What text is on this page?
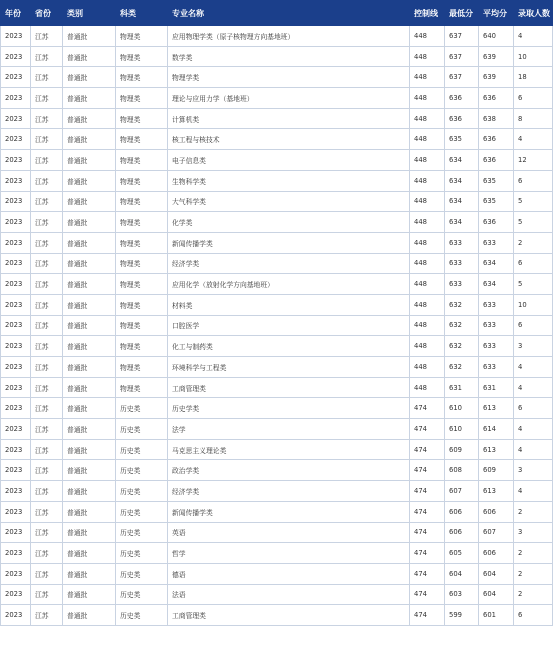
年份	省份	类别	科类	专业名称	控制线	最低分	平均分	录取人数
2023	江苏	普通批	物理类	应用物理学类（原子核物理方向基地班）	448	637	640	4
2023	江苏	普通批	物理类	数学类	448	637	639	10
2023	江苏	普通批	物理类	物理学类	448	637	639	18
2023	江苏	普通批	物理类	理论与应用力学（基地班）	448	636	636	6
2023	江苏	普通批	物理类	计算机类	448	636	638	8
2023	江苏	普通批	物理类	核工程与核技术	448	635	636	4
2023	江苏	普通批	物理类	电子信息类	448	634	636	12
2023	江苏	普通批	物理类	生物科学类	448	634	635	6
2023	江苏	普通批	物理类	大气科学类	448	634	635	5
2023	江苏	普通批	物理类	化学类	448	634	636	5
2023	江苏	普通批	物理类	新闻传播学类	448	633	633	2
2023	江苏	普通批	物理类	经济学类	448	633	634	6
2023	江苏	普通批	物理类	应用化学（放射化学方向基地班）	448	633	634	5
2023	江苏	普通批	物理类	材料类	448	632	633	10
2023	江苏	普通批	物理类	口腔医学	448	632	633	6
2023	江苏	普通批	物理类	化工与制药类	448	632	633	3
2023	江苏	普通批	物理类	环境科学与工程类	448	632	633	4
2023	江苏	普通批	物理类	工商管理类	448	631	631	4
2023	江苏	普通批	历史类	历史学类	474	610	613	6
2023	江苏	普通批	历史类	法学	474	610	614	4
2023	江苏	普通批	历史类	马克思主义理论类	474	609	613	4
2023	江苏	普通批	历史类	政治学类	474	608	609	3
2023	江苏	普通批	历史类	经济学类	474	607	613	4
2023	江苏	普通批	历史类	新闻传播学类	474	606	606	2
2023	江苏	普通批	历史类	英语	474	606	607	3
2023	江苏	普通批	历史类	哲学	474	605	606	2
2023	江苏	普通批	历史类	德语	474	604	604	2
2023	江苏	普通批	历史类	法语	474	603	604	2
2023	江苏	普通批	历史类	工商管理类	474	599	601	6
